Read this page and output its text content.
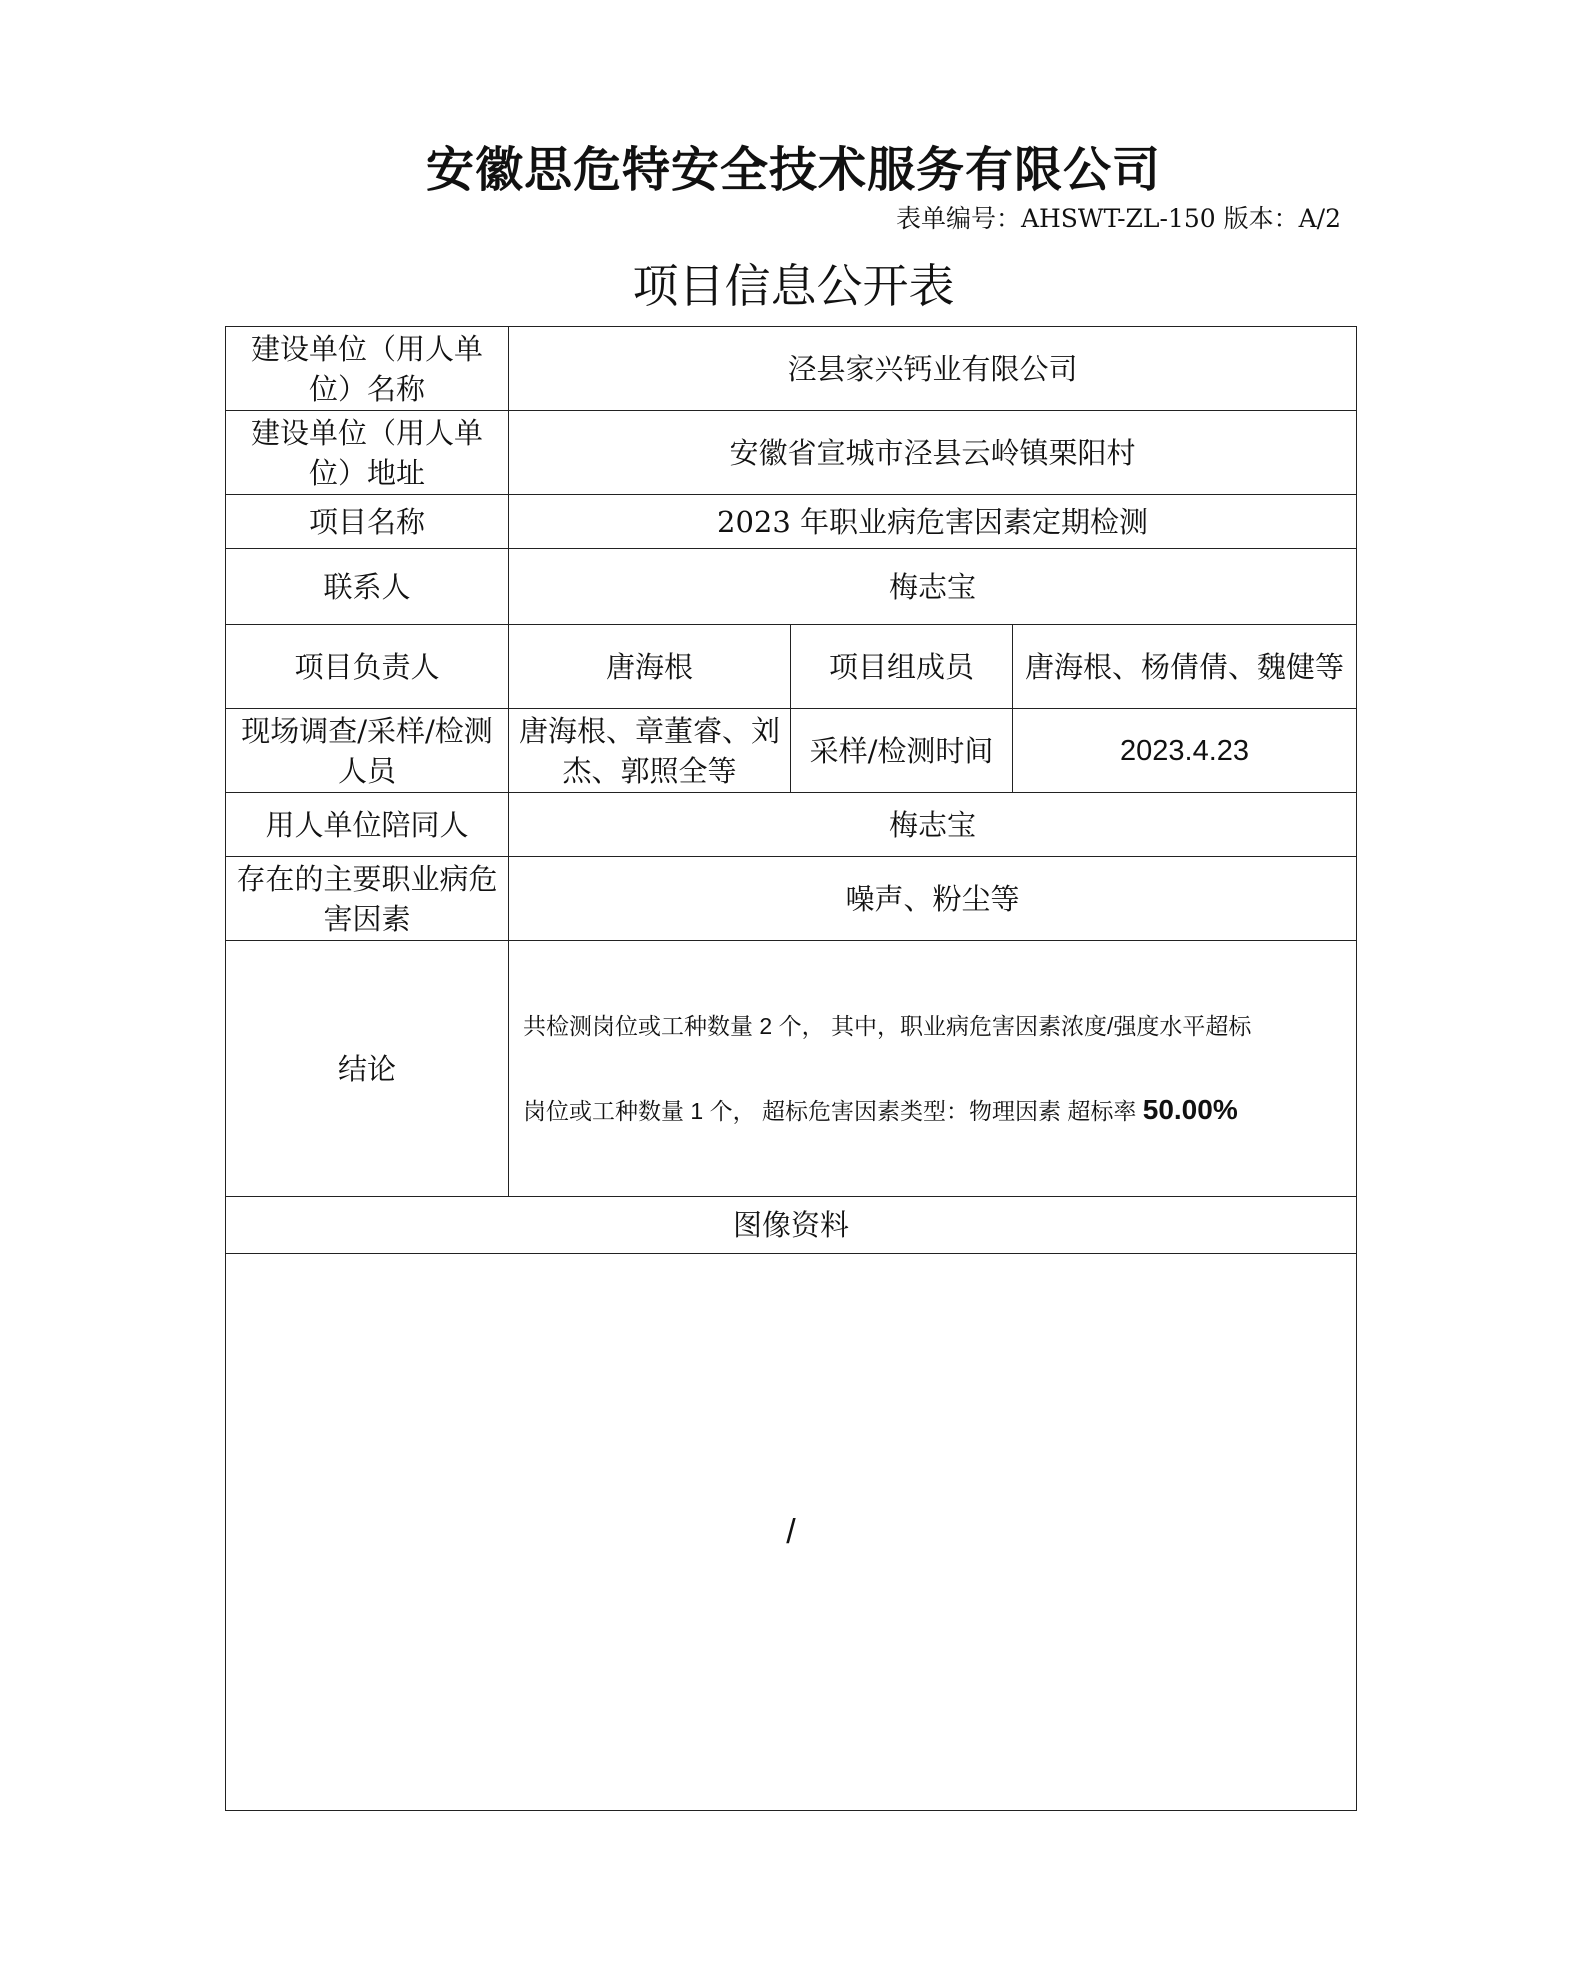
安徽思危特安全技术服务有限公司
表单编号：AHSWT-ZL-150 版本：A/2
项目信息公开表
建设单位（用人单位）名称	泾县家兴钙业有限公司		
建设单位（用人单位）地址	安徽省宣城市泾县云岭镇栗阳村		
项目名称	2023 年职业病危害因素定期检测		
联系人	梅志宝		
项目负责人	唐海根	项目组成员	唐海根、杨倩倩、魏健等
现场调查/采样/检测人员	唐海根、章董睿、刘杰、郭照全等	采样/检测时间	2023.4.23
用人单位陪同人	梅志宝		
存在的主要职业病危害因素	噪声、粉尘等		
结论	共检测岗位或工种数量 2 个， 其中，职业病危害因素浓度/强度水平超标
岗位或工种数量 1 个， 超标危害因素类型：物理因素 超标率 50.00%		
图像资料			
/			
